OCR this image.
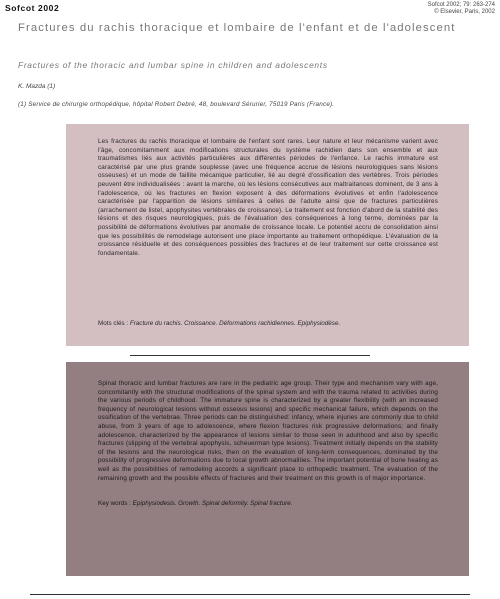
Sofcot 2002	Sofcot 2002; 79: 263-274
© Elsevier, Paris, 2002
Fractures du rachis thoracique et lombaire de l'enfant et de l'adolescent
Fractures of the thoracic and lumbar spine in children and adolescents
K. Mazda (1)
(1) Service de chirurgie orthopédique, hôpital Robert Debré, 48, boulevard Sérurier, 75019 Paris (France).
Les fractures du rachis thoracique et lombaire de l'enfant sont rares. Leur nature et leur mécanisme varient avec l'âge, concomitamment aux modifications structurales du système rachidien dans son ensemble et aux traumatismes liés aux activités particulières aux différentes périodes de l'enfance. Le rachis immature est caractérisé par une plus grande souplesse (avec une fréquence accrue de lésions neurologiques sans lésions osseuses) et un mode de faillite mécanique particulier, lié au degré d'ossification des vertèbres. Trois périodes peuvent être individualisées : avant la marche, où les lésions consécutives aux maltraitances dominent, de 3 ans à l'adolescence, où les fractures en flexion exposent à des déformations évolutives et enfin l'adolescence caractérisée par l'apparition de lésions similaires à celles de l'adulte ainsi que de fractures particulières (arrachement de listel, apophysites vertébrales de croissance). Le traitement est fonction d'abord de la stabilité des lésions et des risques neurologiques, puis de l'évaluation des conséquences à long terme, dominées par la possibilité de déformations évolutives par anomalie de croissance locale. Le potentiel accru de consolidation ainsi que les possibilités de remodelage autorisent une place importante au traitement orthopédique. L'évaluation de la croissance résiduelle et des conséquences possibles des fractures et de leur traitement sur cette croissance est fondamentale.
Mots clés : Fracture du rachis. Croissance. Déformations rachidiennes. Epiphysiodèse.
Spinal thoracic and lumbar fractures are rare in the pediatric age group. Their type and mechanism vary with age, concomitantly with the structural modifications of the spinal system and with the trauma related to activities during the various periods of childhood. The immature spine is characterized by a greater flexibility (with an increased frequency of neurological lesions without osseous lesions) and specific mechanical failure, which depends on the ossification of the vertebrae. Three periods can be distinguished: infancy, where injuries are commonly due to child abuse, from 3 years of age to adolescence, where flexion fractures risk progressive deformations; and finally adolescence, characterized by the appearance of lesions similar to those seen in adulthood and also by specific fractures (slipping of the vertebral apophysis, scheuerman type lesions). Treatment initially depends on the stability of the lesions and the neurological risks, then on the evaluation of long-term consequences, dominated by the possibility of progressive deformations due to local growth abnormalities. The important potential of bone healing as well as the possibilities of remodeling accords a significant place to orthopedic treatment. The evaluation of the remaining growth and the possible effects of fractures and their treatment on this growth is of major importance.
Key words : Epiphysiodesis. Growth. Spinal deformity. Spinal fracture.
